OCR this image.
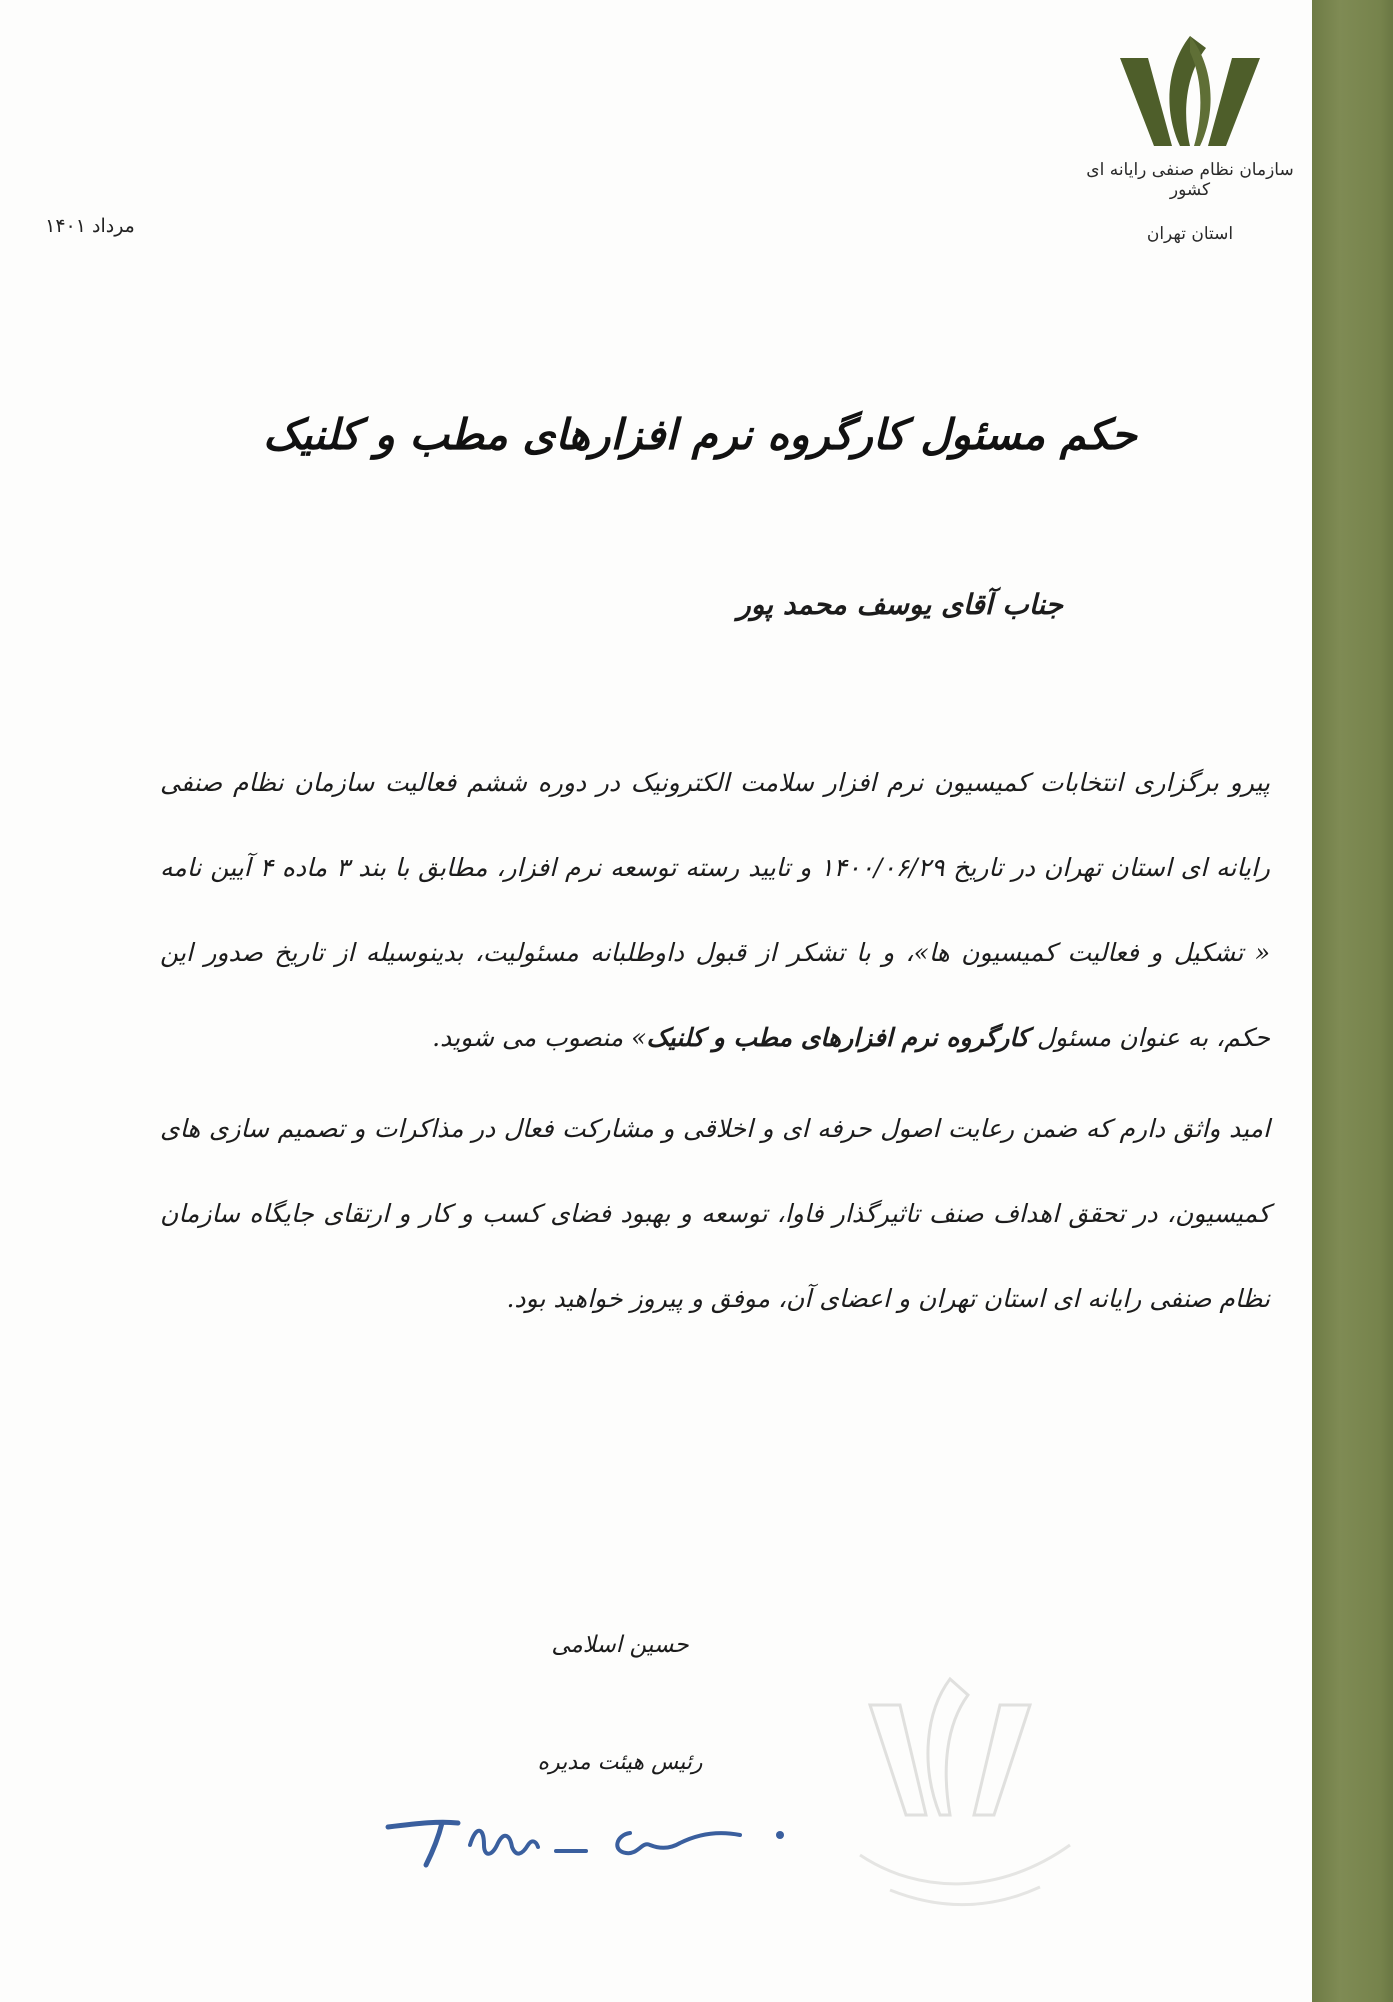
سازمان نظام صنفی رایانه ای کشور
استان تهران
مرداد ۱۴۰۱
حکم مسئول کارگروه نرم افزارهای مطب و کلنیک
جناب آقای یوسف محمد پور

پیرو برگزاری انتخابات کمیسیون نرم افزار سلامت الکترونیک در دوره ششم فعالیت سازمان نظام صنفی رایانه ای استان تهران در تاریخ ۱۴۰۰/۰۶/۲۹ و تایید رسته توسعه نرم افزار، مطابق با بند ۳ ماده ۴ آیین نامه « تشکیل و فعالیت کمیسیون ها»، و با تشکر از قبول داوطلبانه مسئولیت، بدینوسیله از تاریخ صدور این حکم، به عنوان مسئول کارگروه نرم افزارهای مطب و کلنیک» منصوب می شوید.

امید واثق دارم که ضمن رعایت اصول حرفه ای و اخلاقی و مشارکت فعال در مذاکرات و تصمیم سازی های کمیسیون، در تحقق اهداف صنف تاثیرگذار فاوا، توسعه و بهبود فضای کسب و کار و ارتقای جایگاه سازمان نظام صنفی رایانه ای استان تهران و اعضای آن، موفق و پیروز خواهید بود.

حسین اسلامی
رئیس هیئت مدیره
